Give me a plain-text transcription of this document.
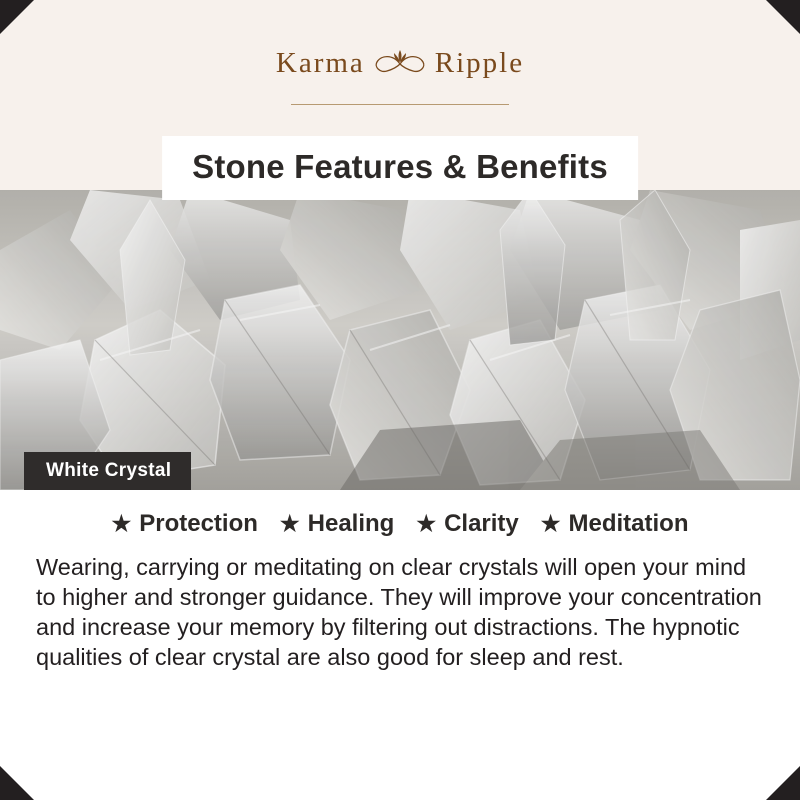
Karma Ripple
Stone Features & Benefits
White Crystal
★ Protection ★ Healing ★ Clarity ★ Meditation
Wearing, carrying or meditating on clear crystals will open your mind to higher and stronger guidance. They will improve your concentration and increase your memory by filtering out distractions. The hypnotic qualities of clear crystal are also good for sleep and rest.
